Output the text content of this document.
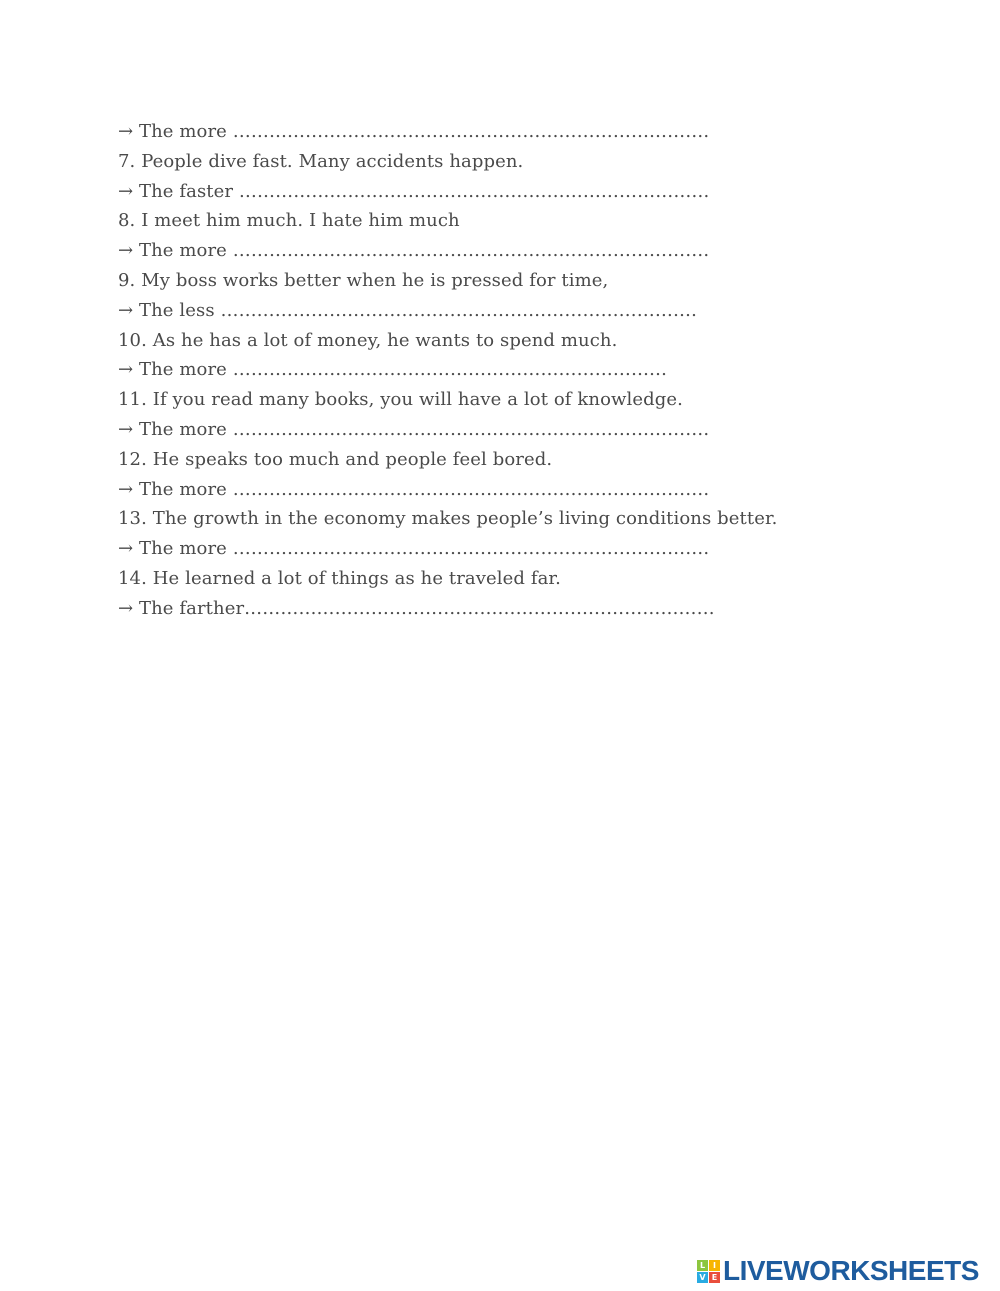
→ The more …………………………………………………………………….
7. People dive fast. Many accidents happen.
→ The faster ……………………………………………………………………
8. I meet him much. I hate him much
→ The more …………………………………………………………………….
9. My boss works better when he is pressed for time,
→ The less …………………………………………………………………….
10. As he has a lot of money, he wants to spend much.
→ The more ………………………………………………………………
11. If you read many books, you will have a lot of knowledge.
→ The more …………………………………………………………………….
12. He speaks too much and people feel bored.
→ The more …………………………………………………………………….
13. The growth in the economy makes people’s living conditions better.
→ The more …………………………………………………………………….
14. He learned a lot of things as he traveled far.
→ The farther……………………………………………………………………
L I
V E LIVEWORKSHEETS
